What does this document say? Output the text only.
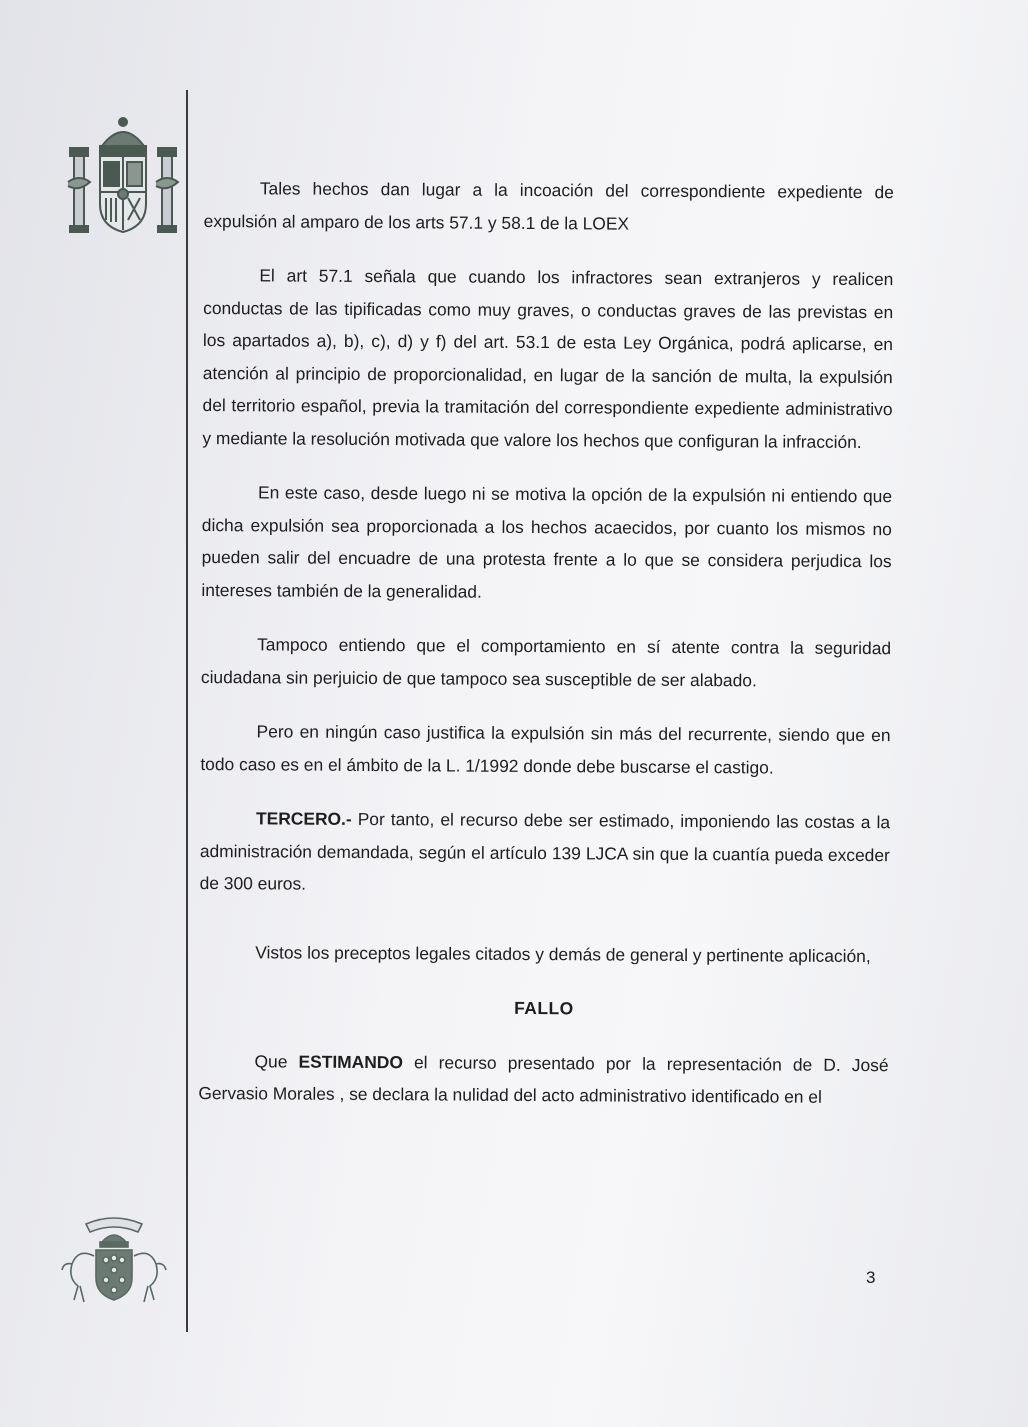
Tales hechos dan lugar a la incoación del correspondiente expediente de expulsión al amparo de los arts 57.1 y 58.1 de la LOEX

El art 57.1 señala que cuando los infractores sean extranjeros y realicen conductas de las tipificadas como muy graves, o conductas graves de las previstas en los apartados a), b), c), d) y f) del art. 53.1 de esta Ley Orgánica, podrá aplicarse, en atención al principio de proporcionalidad, en lugar de la sanción de multa, la expulsión del territorio español, previa la tramitación del correspondiente expediente administrativo y mediante la resolución motivada que valore los hechos que configuran la infracción.

En este caso, desde luego ni se motiva la opción de la expulsión ni entiendo que dicha expulsión sea proporcionada a los hechos acaecidos, por cuanto los mismos no pueden salir del encuadre de una protesta frente a lo que se considera perjudica los intereses también de la generalidad.

Tampoco entiendo que el comportamiento en sí atente contra la seguridad ciudadana sin perjuicio de que tampoco sea susceptible de ser alabado.

Pero en ningún caso justifica la expulsión sin más del recurrente, siendo que en todo caso es en el ámbito de la L. 1/1992 donde debe buscarse el castigo.

TERCERO.- Por tanto, el recurso debe ser estimado, imponiendo las costas a la administración demandada, según el artículo 139 LJCA sin que la cuantía pueda exceder de 300 euros.

Vistos los preceptos legales citados y demás de general y pertinente aplicación,

FALLO

Que ESTIMANDO el recurso presentado por la representación de D. José Gervasio Morales , se declara la nulidad del acto administrativo identificado en el

3
